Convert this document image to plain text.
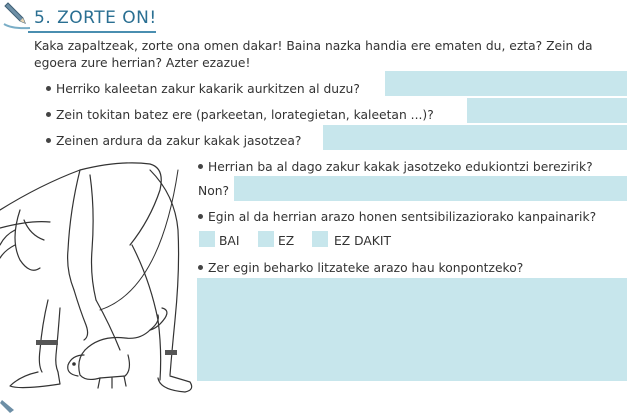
5. ZORTE ON!
Kaka zapaltzeak, zorte ona omen dakar! Baina nazka handia ere ematen du, ezta? Zein da egoera zure herrian? Azter ezazue!
Herriko kaleetan zakur kakarik aurkitzen al duzu?
Zein tokitan batez ere (parkeetan, lorategietan, kaleetan ...)?
Zeinen ardura da zakur kakak jasotzea?
Herrian ba al dago zakur kakak jasotzeko edukiontzi berezirik?
Non?
Egin al da herrian arazo honen sentsibilizaziorako kanpainarik?
BAI	EZ	EZ DAKIT
Zer egin beharko litzateke arazo hau konpontzeko?
